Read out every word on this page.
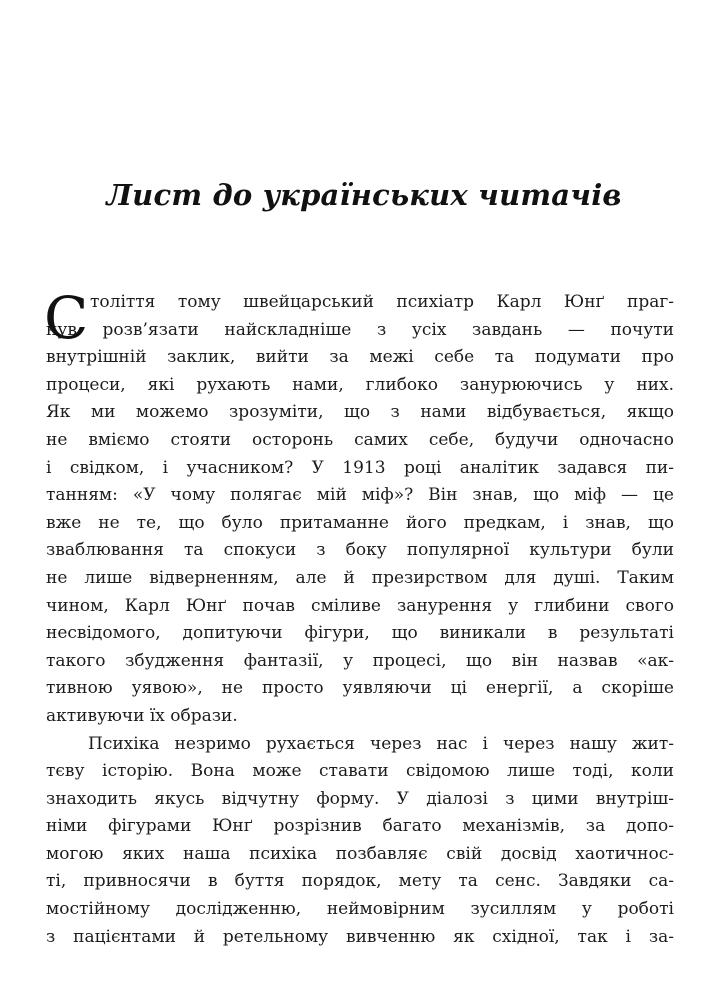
Лист до українських читачів
С толіття тому швейцарський психіатр Карл Юнґ праг-
нув розв’язати найскладніше з усіх завдань — почути
внутрішній заклик, вийти за межі себе та подумати про
процеси, які рухають нами, глибоко занурюючись у них.
Як ми можемо зрозуміти, що з нами відбувається, якщо
не вміємо стояти осторонь самих себе, будучи одночасно
і свідком, і учасником? У 1913 році аналітик задався пи-
танням: «У чому полягає мій міф»? Він знав, що міф — це
вже не те, що було притаманне його предкам, і знав, що
зваблювання та спокуси з боку популярної культури були
не лише відверненням, але й презирством для душі. Таким
чином, Карл Юнґ почав сміливе занурення у глибини свого
несвідомого, допитуючи фігури, що виникали в результаті
такого збудження фантазії, у процесі, що він назвав «ак-
тивною уявою», не просто уявляючи ці енергії, а скоріше
активуючи їх образи.
Психіка незримо рухається через нас і через нашу жит-
тєву історію. Вона може ставати свідомою лише тоді, коли
знаходить якусь відчутну форму. У діалозі з цими внутріш-
німи фігурами Юнґ розрізнив багато механізмів, за допо-
могою яких наша психіка позбавляє свій досвід хаотичнос-
ті, привносячи в буття порядок, мету та сенс. Завдяки са-
мостійному дослідженню, неймовірним зусиллям у роботі
з пацієнтами й ретельному вивченню як східної, так і за-
